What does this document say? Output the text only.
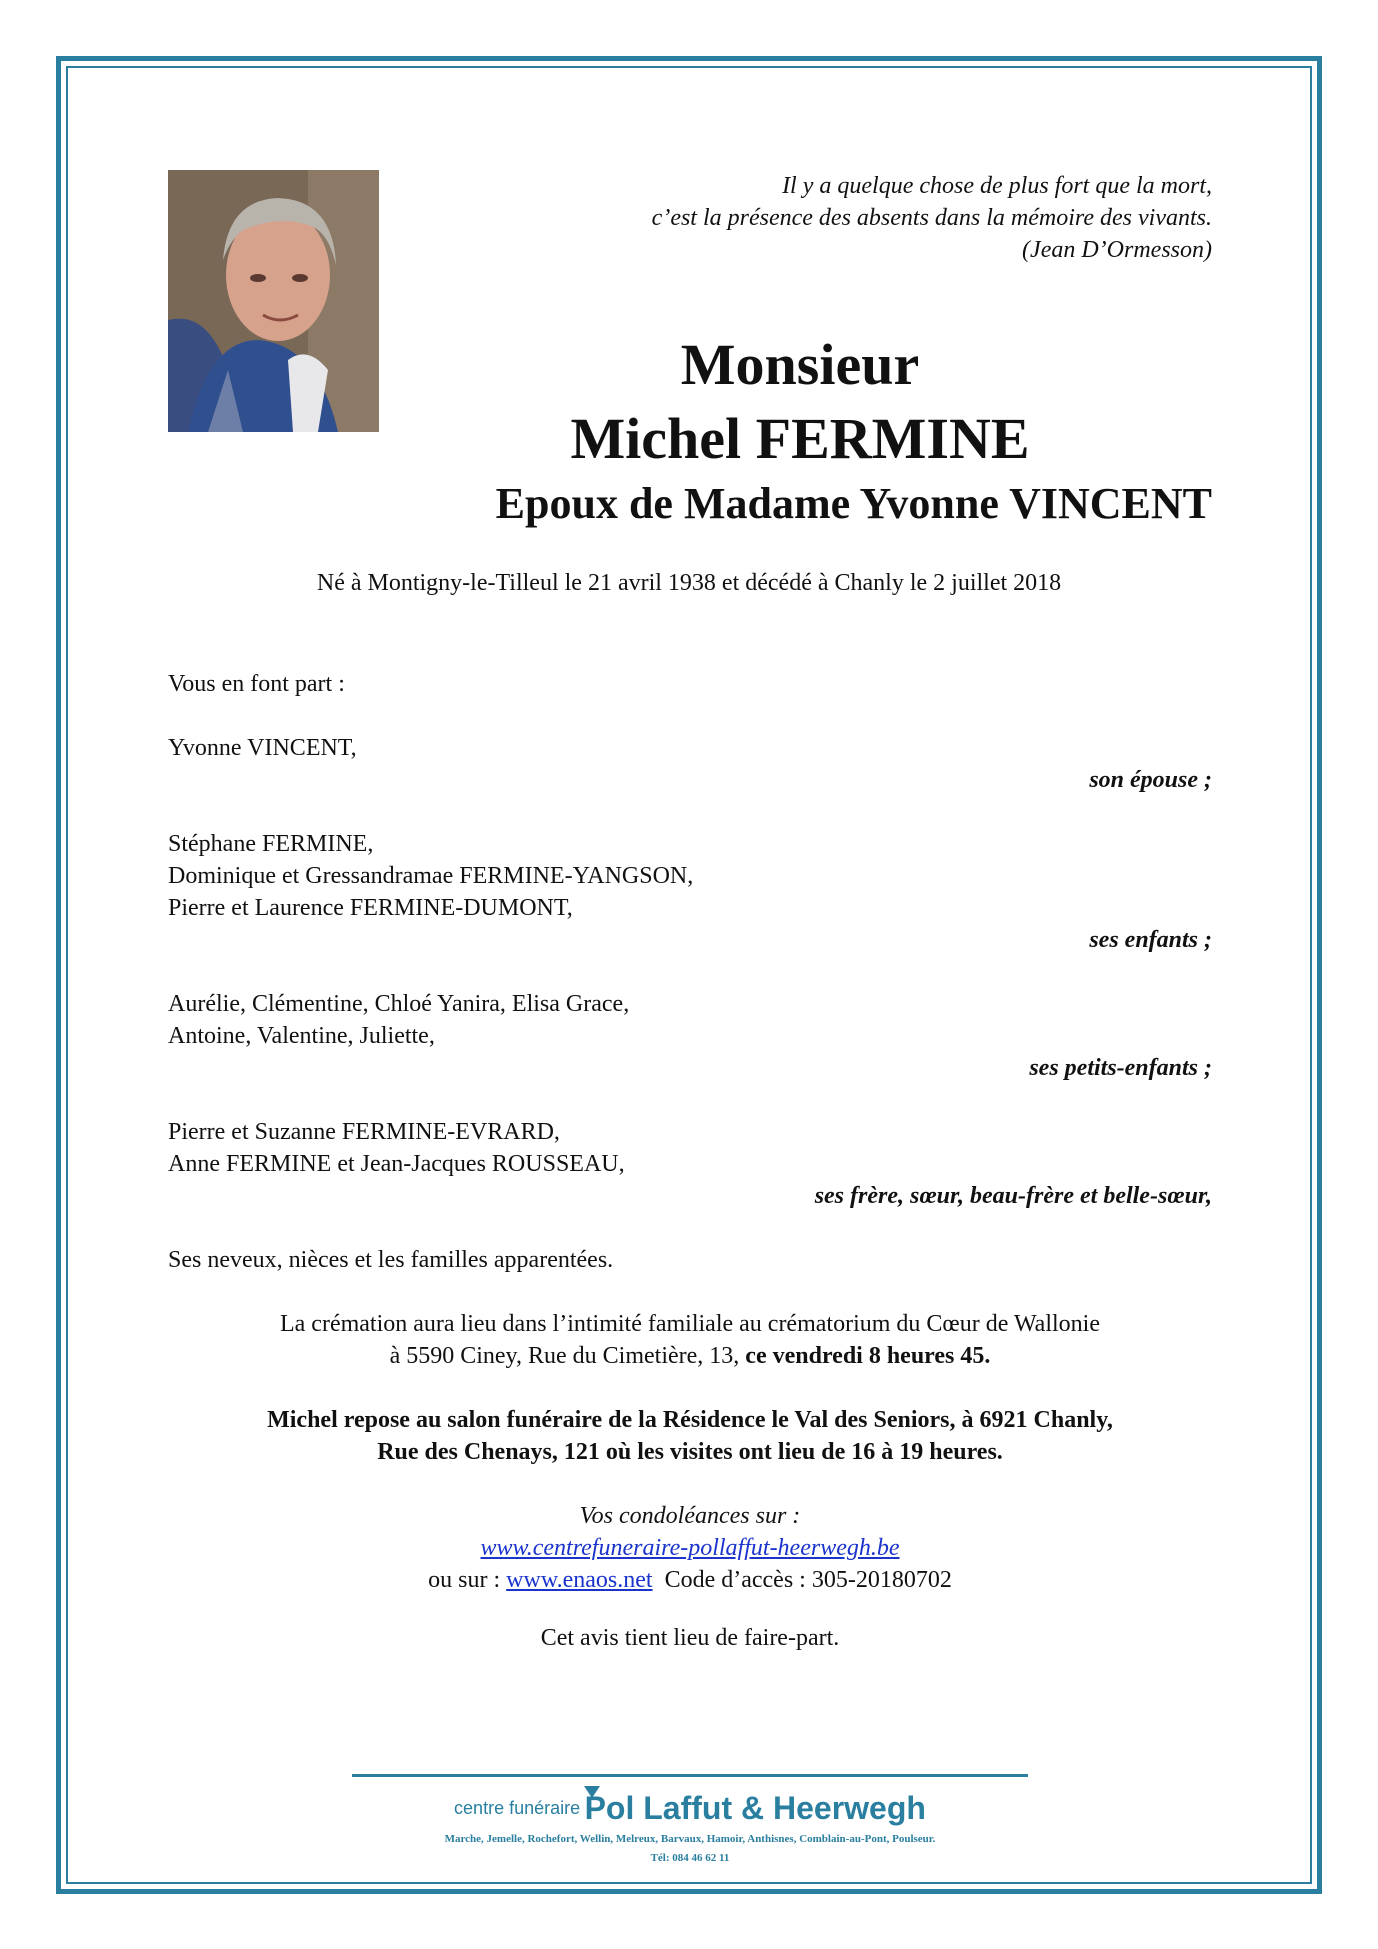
Il y a quelque chose de plus fort que la mort,
c’est la présence des absents dans la mémoire des vivants.
(Jean D’Ormesson)
Monsieur
Michel FERMINE
Epoux de Madame Yvonne VINCENT
Né à Montigny-le-Tilleul le 21 avril 1938 et décédé à Chanly le 2 juillet 2018
Vous en font part :
Yvonne VINCENT,
son épouse ;
Stéphane FERMINE,
Dominique et Gressandramae FERMINE-YANGSON,
Pierre et Laurence FERMINE-DUMONT,
ses enfants ;
Aurélie, Clémentine, Chloé Yanira, Elisa Grace,
Antoine, Valentine, Juliette,
ses petits-enfants ;
Pierre et Suzanne FERMINE-EVRARD,
Anne FERMINE et Jean-Jacques ROUSSEAU,
ses frère, sœur, beau-frère et belle-sœur,
Ses neveux, nièces et les familles apparentées.
La crémation aura lieu dans l’intimité familiale au crématorium du Cœur de Wallonie
à 5590 Ciney, Rue du Cimetière, 13, ce vendredi 8 heures 45.
Michel repose au salon funéraire de la Résidence le Val des Seniors, à 6921 Chanly,
Rue des Chenays, 121 où les visites ont lieu de 16 à 19 heures.
Vos condoléances sur :
www.centrefuneraire-pollaffut-heerwegh.be
ou sur : www.enaos.net  Code d’accès : 305-20180702
Cet avis tient lieu de faire-part.
centre funéraire Pol Laffut & Heerwegh
Marche, Jemelle, Rochefort, Wellin, Melreux, Barvaux, Hamoir, Anthisnes, Comblain-au-Pont, Poulseur.
Tél: 084 46 62 11
